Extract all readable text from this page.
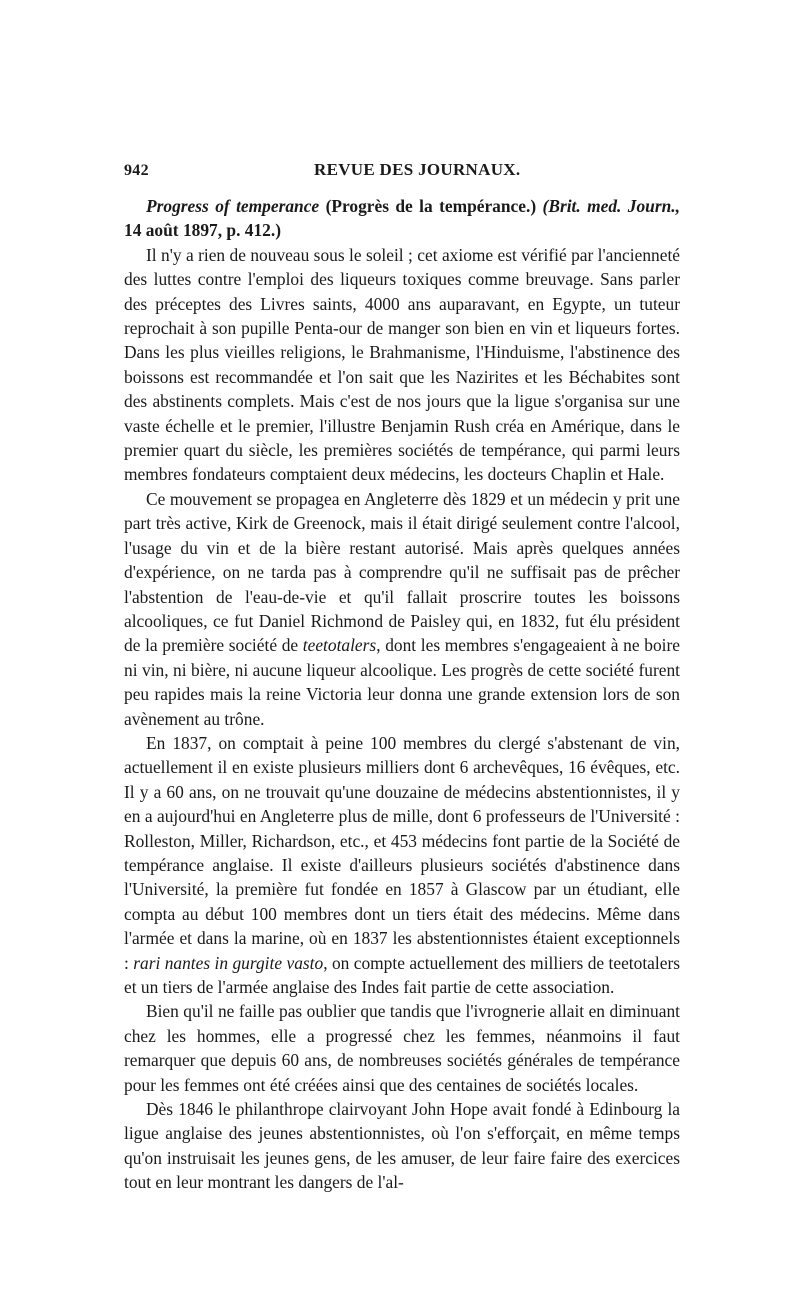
942	REVUE DES JOURNAUX.

Progress of temperance (Progrès de la tempérance.) (Brit. med. Journ., 14 août 1897, p. 412.)

Il n'y a rien de nouveau sous le soleil ; cet axiome est vérifié par l'ancienneté des luttes contre l'emploi des liqueurs toxiques comme breuvage. Sans parler des préceptes des Livres saints, 4000 ans auparavant, en Egypte, un tuteur reprochait à son pupille Penta-our de manger son bien en vin et liqueurs fortes. Dans les plus vieilles religions, le Brahmanisme, l'Hinduisme, l'abstinence des boissons est recommandée et l'on sait que les Nazirites et les Béchabites sont des abstinents complets. Mais c'est de nos jours que la ligue s'organisa sur une vaste échelle et le premier, l'illustre Benjamin Rush créa en Amérique, dans le premier quart du siècle, les premières sociétés de tempérance, qui parmi leurs membres fondateurs comptaient deux médecins, les docteurs Chaplin et Hale.

Ce mouvement se propagea en Angleterre dès 1829 et un médecin y prit une part très active, Kirk de Greenock, mais il était dirigé seulement contre l'alcool, l'usage du vin et de la bière restant autorisé. Mais après quelques années d'expérience, on ne tarda pas à comprendre qu'il ne suffisait pas de prêcher l'abstention de l'eau-de-vie et qu'il fallait proscrire toutes les boissons alcooliques, ce fut Daniel Richmond de Paisley qui, en 1832, fut élu président de la première société de teetotalers, dont les membres s'engageaient à ne boire ni vin, ni bière, ni aucune liqueur alcoolique. Les progrès de cette société furent peu rapides mais la reine Victoria leur donna une grande extension lors de son avènement au trône.

En 1837, on comptait à peine 100 membres du clergé s'abstenant de vin, actuellement il en existe plusieurs milliers dont 6 archevêques, 16 évêques, etc. Il y a 60 ans, on ne trouvait qu'une douzaine de médecins abstentionnistes, il y en a aujourd'hui en Angleterre plus de mille, dont 6 professeurs de l'Université : Rolleston, Miller, Richardson, etc., et 453 médecins font partie de la Société de tempérance anglaise. Il existe d'ailleurs plusieurs sociétés d'abstinence dans l'Université, la première fut fondée en 1857 à Glascow par un étudiant, elle compta au début 100 membres dont un tiers était des médecins. Même dans l'armée et dans la marine, où en 1837 les abstentionnistes étaient exceptionnels : rari nantes in gurgite vasto, on compte actuellement des milliers de teetotalers et un tiers de l'armée anglaise des Indes fait partie de cette association.

Bien qu'il ne faille pas oublier que tandis que l'ivrognerie allait en diminuant chez les hommes, elle a progressé chez les femmes, néanmoins il faut remarquer que depuis 60 ans, de nombreuses sociétés générales de tempérance pour les femmes ont été créées ainsi que des centaines de sociétés locales.

Dès 1846 le philanthrope clairvoyant John Hope avait fondé à Edinbourg la ligue anglaise des jeunes abstentionnistes, où l'on s'efforçait, en même temps qu'on instruisait les jeunes gens, de les amuser, de leur faire faire des exercices tout en leur montrant les dangers de l'al-
